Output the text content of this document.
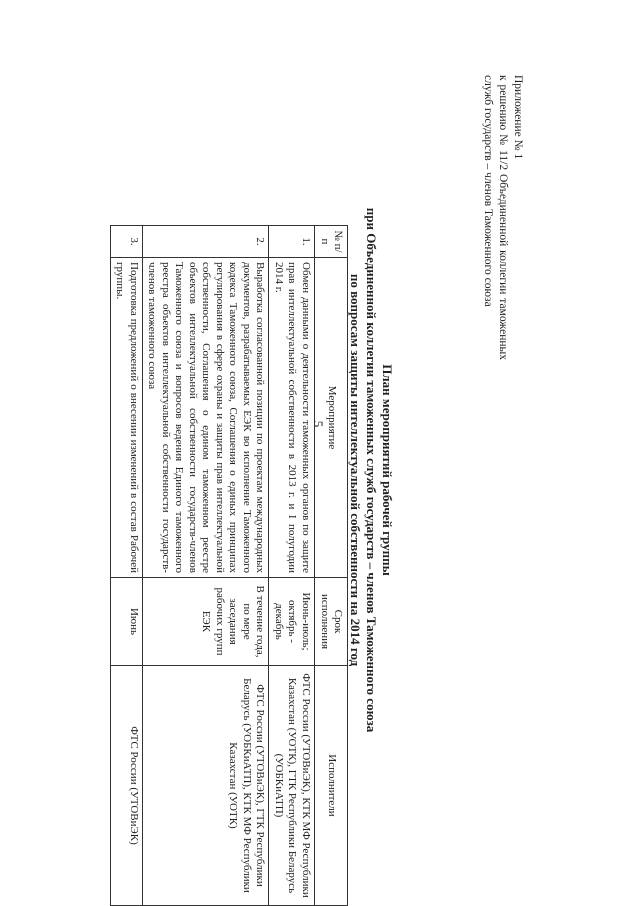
5
Приложение № 1
к решению № 11/2 Объединенной коллегии таможенных служб государств – членов Таможенного союза
План мероприятий рабочей группы
при Объединенной коллегии таможенных служб государств – членов Таможенного союза
по вопросам защиты интеллектуальной собственности на 2014 год
№ п/п	Мероприятие	Срок исполнения	Исполнители
1.	Обмен данными о деятельности таможенных органов по защите прав интеллектуальной собственности в 2013 г. и I полугодии 2014 г.	Июнь-июль; октябрь - декабрь	ФТС России (УТОВиЭК), КТК МФ Республики Казахстан (УОТК), ГТК Республики Беларусь (УОБКиАТП)
2.	Выработка согласованной позиции по проектам международных документов, разрабатываемых ЕЭК во исполнение Таможенного кодекса Таможенного союза, Соглашения о единых принципах регулирования в сфере охраны и защиты прав интеллектуальной собственности, Соглашения о едином таможенном реестре объектов интеллектуальной собственности государств-членов Таможенного союза и вопросов ведения Единого таможенного реестра объектов интеллектуальной собственности государств-членов таможенного союза	В течение года, по мере заседания рабочих групп ЕЭК	ФТС России (УТОВиЭК), ГТК Республики Беларусь (УОБКиАТП), КТК МФ Республики Казахстан (УОТК)
3.	Подготовка предложений о внесении изменений в состав Рабочей группы.	Июнь	ФТС России (УТОВиЭК)
